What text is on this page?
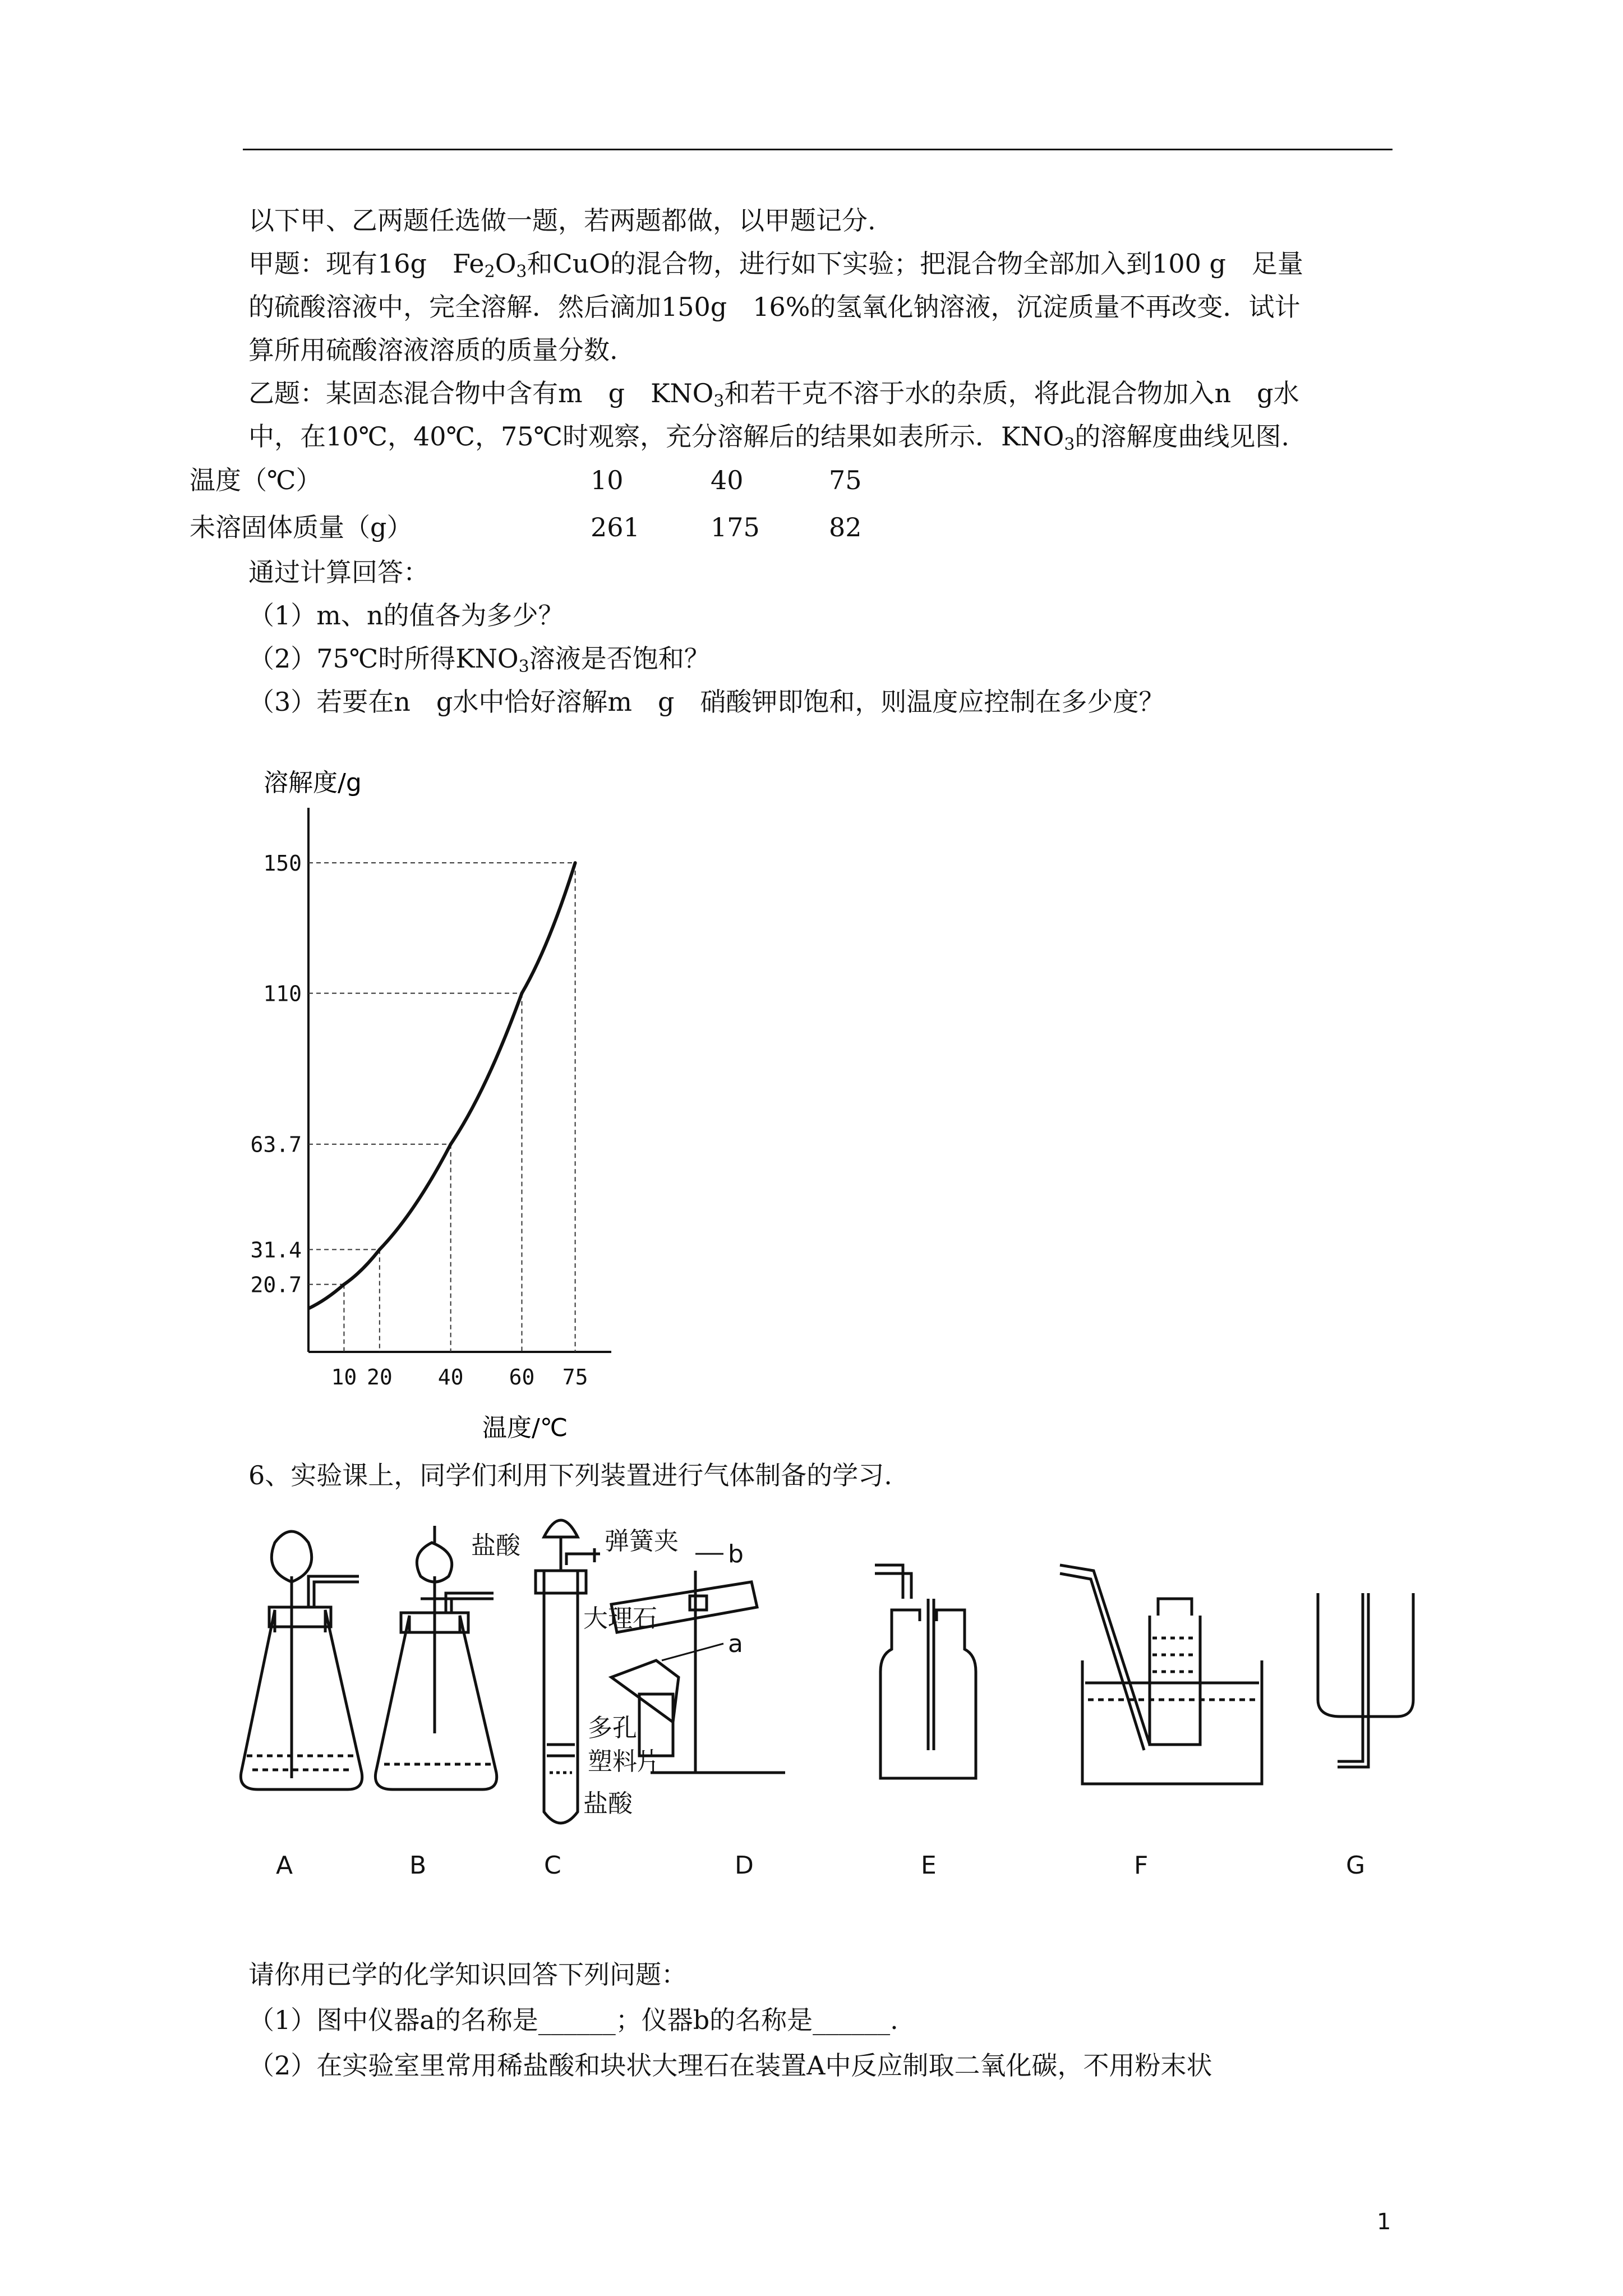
以下甲、乙两题任选做一题，若两题都做，以甲题记分.
甲题：现有16g　Fe2O3和CuO的混合物，进行如下实验；把混合物全部加入到100 g　足量
的硫酸溶液中，完全溶解．然后滴加150g　16%的氢氧化钠溶液，沉淀质量不再改变．试计
算所用硫酸溶液溶质的质量分数.
乙题：某固态混合物中含有m　g　KNO3和若干克不溶于水的杂质，将此混合物加入n　g水
中，在10℃，40℃，75℃时观察，充分溶解后的结果如表所示．KNO3的溶解度曲线见图.
温度（℃）	10	40	75
未溶固体质量（g）	261	175	82
通过计算回答：
（1）m、n的值各为多少？
（2）75℃时所得KNO3溶液是否饱和？
（3）若要在n　g水中恰好溶解m　g　硝酸钾即饱和，则温度应控制在多少度？
溶解度/g
温度/℃
150
110
63.7
31.4
20.7
10 20 40 60 75
6、实验课上，同学们利用下列装置进行气体制备的学习.
盐酸	弹簧夹
大理石
多孔
塑料片
盐酸
a
b
A	B	C	D	E	F	G
请你用已学的化学知识回答下列问题：
（1）图中仪器a的名称是______；仪器b的名称是______.
（2）在实验室里常用稀盐酸和块状大理石在装置A中反应制取二氧化碳，不用粉末状
1
